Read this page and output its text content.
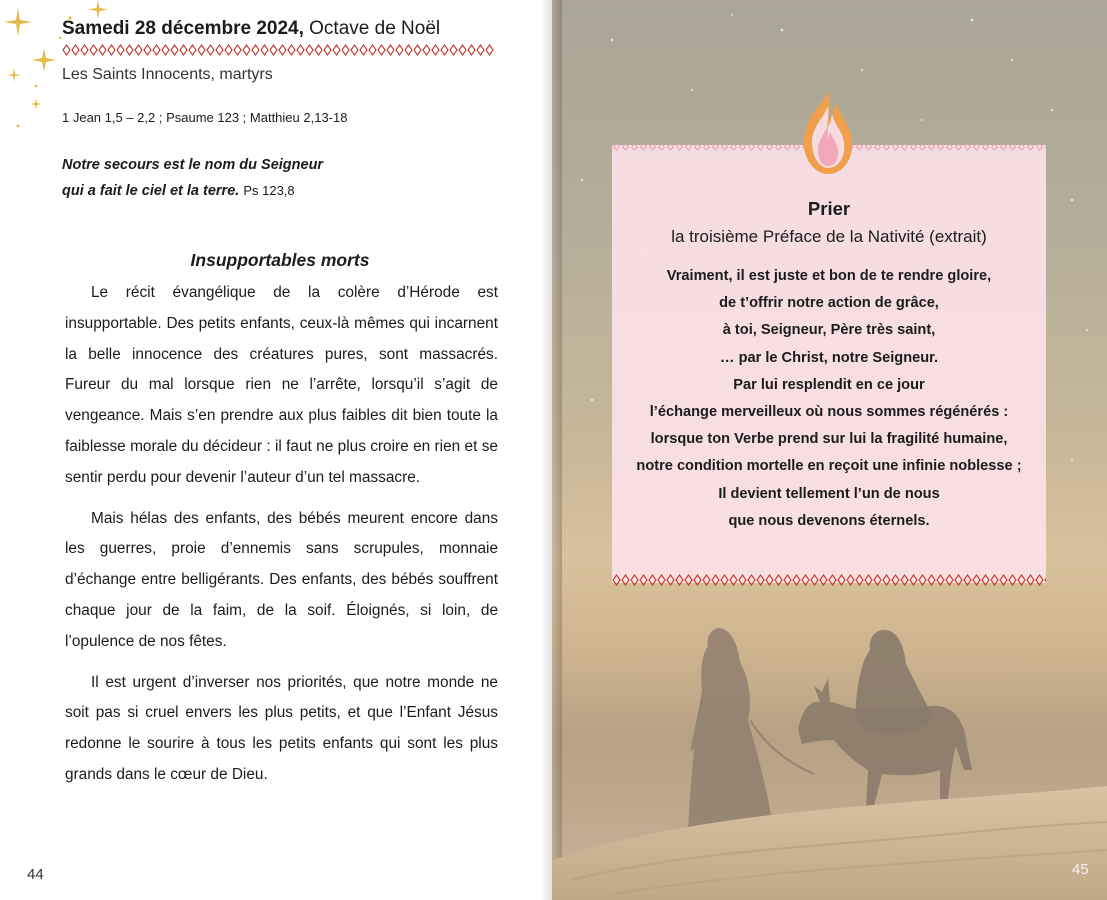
Samedi 28 décembre 2024, Octave de Noël
Les Saints Innocents, martyrs
1 Jean 1,5 – 2,2 ; Psaume 123 ; Matthieu 2,13-18
Notre secours est le nom du Seigneur
qui a fait le ciel et la terre. Ps 123,8
Insupportables morts

Le récit évangélique de la colère d’Hérode est insupportable. Des petits enfants, ceux-là mêmes qui incarnent la belle innocence des créatures pures, sont massacrés. Fureur du mal lorsque rien ne l’arrête, lorsqu’il s’agit de vengeance. Mais s’en prendre aux plus faibles dit bien toute la faiblesse morale du décideur : il faut ne plus croire en rien et se sentir perdu pour devenir l’auteur d’un tel massacre.

Mais hélas des enfants, des bébés meurent encore dans les guerres, proie d’ennemis sans scrupules, monnaie d’échange entre belligérants. Des enfants, des bébés souffrent chaque jour de la faim, de la soif. Éloignés, si loin, de l’opulence de nos fêtes.

Il est urgent d’inverser nos priorités, que notre monde ne soit pas si cruel envers les plus petits, et que l’Enfant Jésus redonne le sourire à tous les petits enfants qui sont les plus grands dans le cœur de Dieu.

44
Prier
la troisième Préface de la Nativité (extrait)
Vraiment, il est juste et bon de te rendre gloire,
de t’offrir notre action de grâce,
à toi, Seigneur, Père très saint,
… par le Christ, notre Seigneur.
Par lui resplendit en ce jour
l’échange merveilleux où nous sommes régénérés :
lorsque ton Verbe prend sur lui la fragilité humaine,
notre condition mortelle en reçoit une infinie noblesse ;
Il devient tellement l’un de nous
que nous devenons éternels.
45
